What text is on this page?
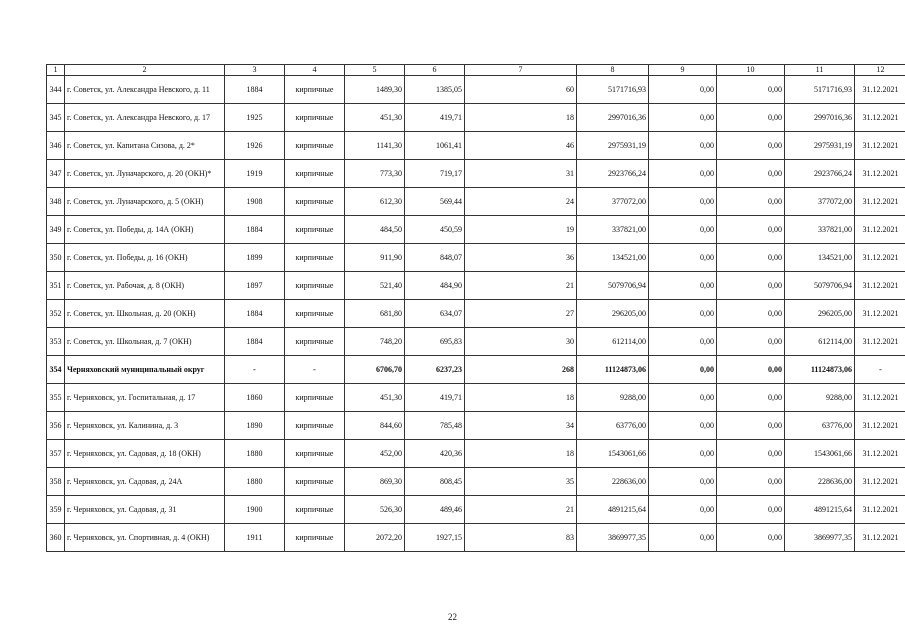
1	2	3	4	5	6	7	8	9	10	11	12
344	г. Советск, ул. Александра Невского, д. 11	1884	кирпичные	1489,30	1385,05	60	5171716,93	0,00	0,00	5171716,93	31.12.2021
345	г. Советск, ул. Александра Невского, д. 17	1925	кирпичные	451,30	419,71	18	2997016,36	0,00	0,00	2997016,36	31.12.2021
346	г. Советск, ул. Капитана Сизова, д. 2*	1926	кирпичные	1141,30	1061,41	46	2975931,19	0,00	0,00	2975931,19	31.12.2021
347	г. Советск, ул. Луначарского, д. 20 (ОКН)*	1919	кирпичные	773,30	719,17	31	2923766,24	0,00	0,00	2923766,24	31.12.2021
348	г. Советск, ул. Луначарского, д. 5 (ОКН)	1908	кирпичные	612,30	569,44	24	377072,00	0,00	0,00	377072,00	31.12.2021
349	г. Советск, ул. Победы, д. 14А (ОКН)	1884	кирпичные	484,50	450,59	19	337821,00	0,00	0,00	337821,00	31.12.2021
350	г. Советск, ул. Победы, д. 16 (ОКН)	1899	кирпичные	911,90	848,07	36	134521,00	0,00	0,00	134521,00	31.12.2021
351	г. Советск, ул. Рабочая, д. 8 (ОКН)	1897	кирпичные	521,40	484,90	21	5079706,94	0,00	0,00	5079706,94	31.12.2021
352	г. Советск, ул. Школьная, д. 20 (ОКН)	1884	кирпичные	681,80	634,07	27	296205,00	0,00	0,00	296205,00	31.12.2021
353	г. Советск, ул. Школьная, д. 7 (ОКН)	1884	кирпичные	748,20	695,83	30	612114,00	0,00	0,00	612114,00	31.12.2021
354	Черняховский муниципальный округ	-	-	6706,70	6237,23	268	11124873,06	0,00	0,00	11124873,06	-
355	г. Черняховск, ул. Госпитальная, д. 17	1860	кирпичные	451,30	419,71	18	9288,00	0,00	0,00	9288,00	31.12.2021
356	г. Черняховск, ул. Калинина, д. 3	1890	кирпичные	844,60	785,48	34	63776,00	0,00	0,00	63776,00	31.12.2021
357	г. Черняховск, ул. Садовая, д. 18 (ОКН)	1880	кирпичные	452,00	420,36	18	1543061,66	0,00	0,00	1543061,66	31.12.2021
358	г. Черняховск, ул. Садовая, д. 24А	1880	кирпичные	869,30	808,45	35	228636,00	0,00	0,00	228636,00	31.12.2021
359	г. Черняховск, ул. Садовая, д. 31	1900	кирпичные	526,30	489,46	21	4891215,64	0,00	0,00	4891215,64	31.12.2021
360	г. Черняховск, ул. Спортивная, д. 4 (ОКН)	1911	кирпичные	2072,20	1927,15	83	3869977,35	0,00	0,00	3869977,35	31.12.2021
22
